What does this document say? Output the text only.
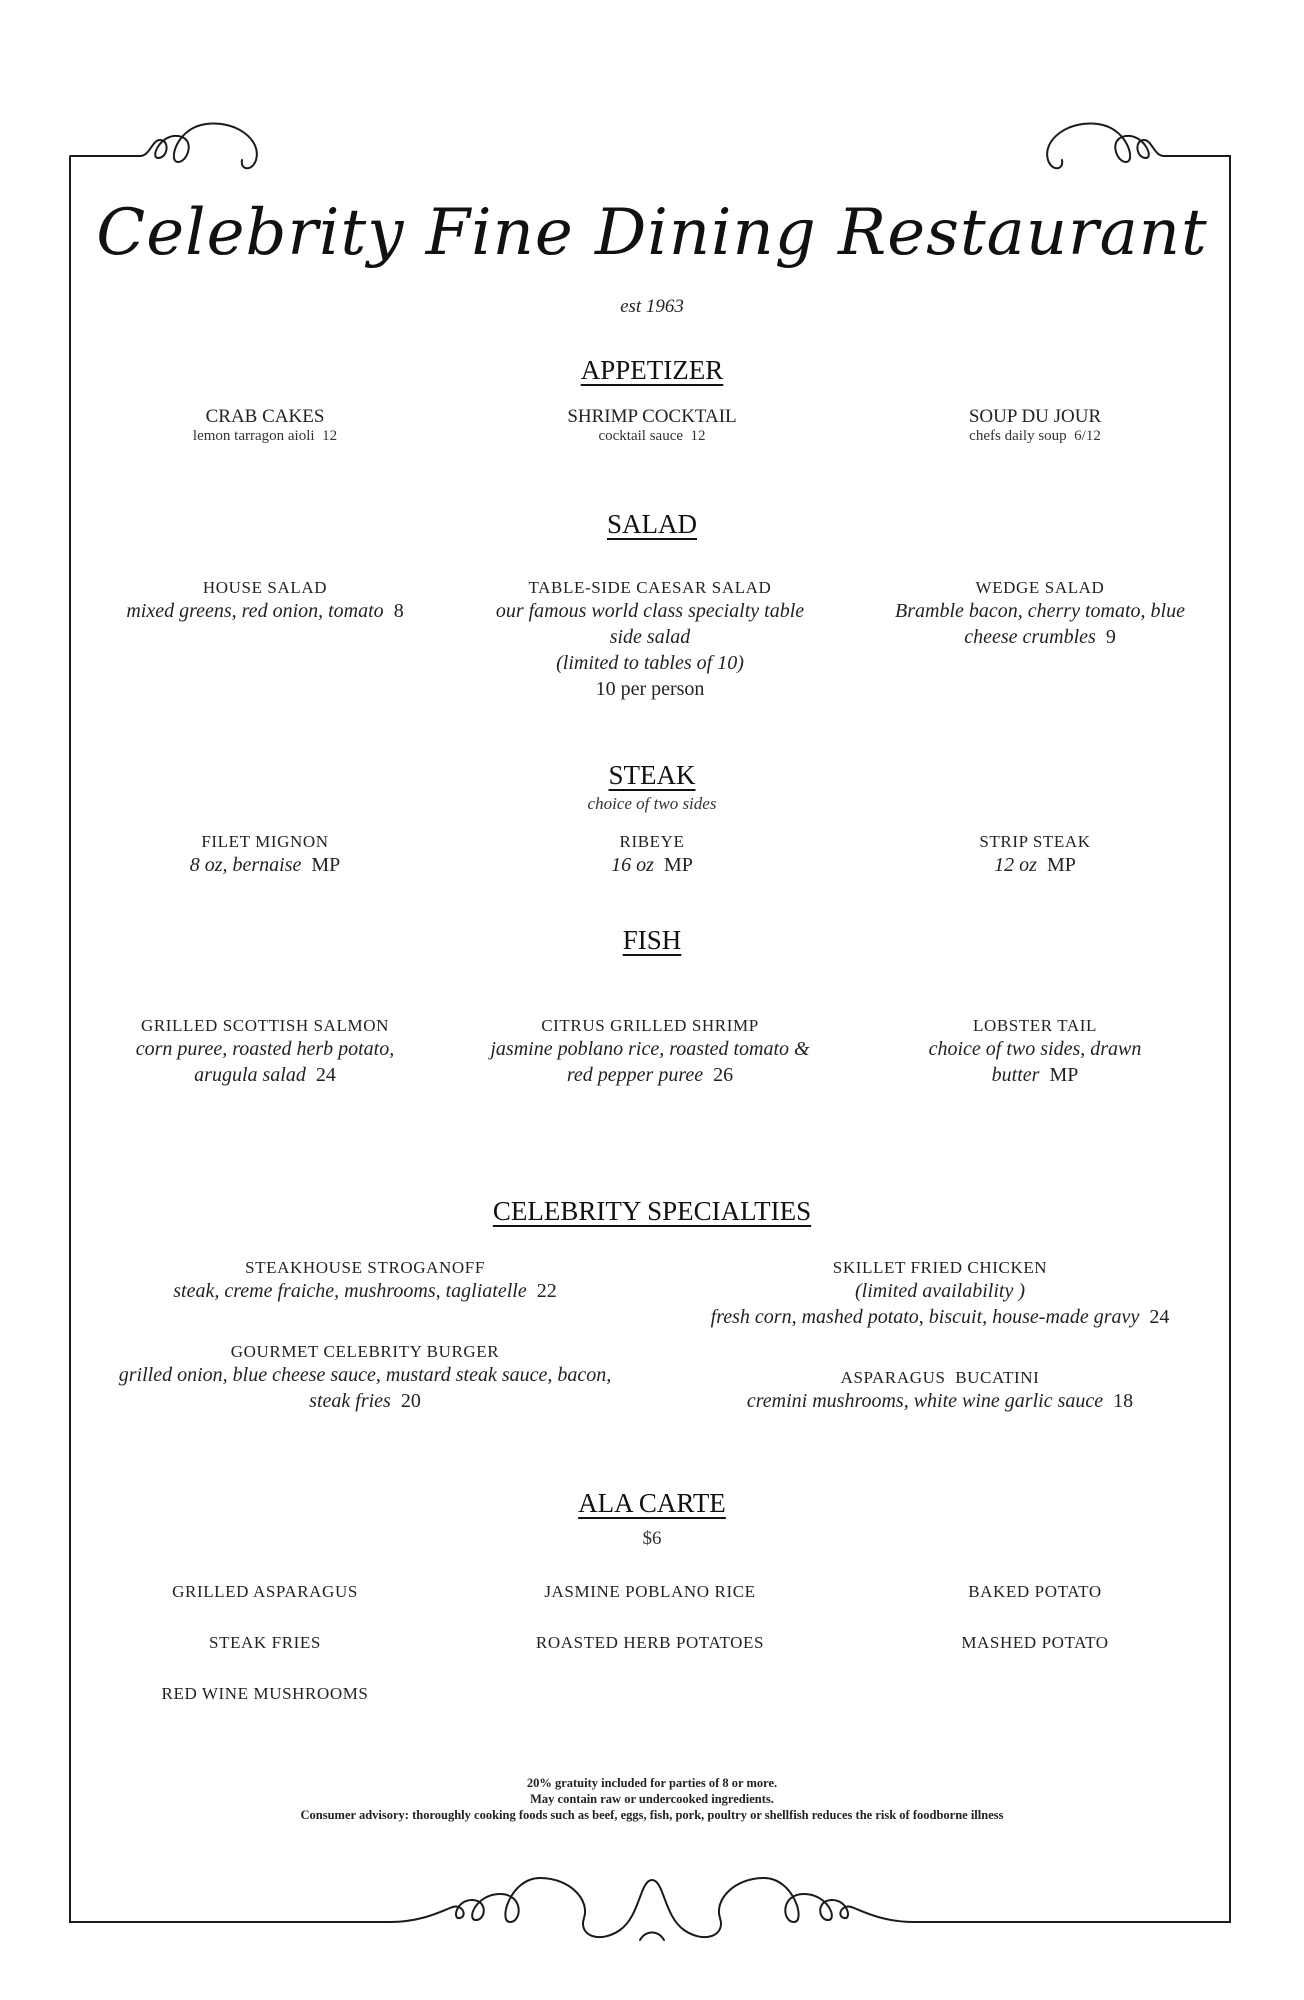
Celebrity Fine Dining Restaurant
est 1963
APPETIZER
CRAB CAKES
lemon tarragon aioli 12
SHRIMP COCKTAIL
cocktail sauce 12
SOUP DU JOUR
chefs daily soup 6/12
SALAD
HOUSE SALAD
mixed greens, red onion, tomato 8
TABLE-SIDE CAESAR SALAD
our famous world class specialty table side salad
(limited to tables of 10)
10 per person
WEDGE SALAD
Bramble bacon, cherry tomato, blue cheese crumbles 9
STEAK
choice of two sides
FILET MIGNON
8 oz, bernaise MP
RIBEYE
16 oz MP
STRIP STEAK
12 oz MP
FISH
GRILLED SCOTTISH SALMON
corn puree, roasted herb potato, arugula salad 24
CITRUS GRILLED SHRIMP
jasmine poblano rice, roasted tomato & red pepper puree 26
LOBSTER TAIL
choice of two sides, drawn butter MP
CELEBRITY SPECIALTIES
STEAKHOUSE STROGANOFF
steak, creme fraiche, mushrooms, tagliatelle 22
SKILLET FRIED CHICKEN
(limited availability )
fresh corn, mashed potato, biscuit, house-made gravy 24
GOURMET CELEBRITY BURGER
grilled onion, blue cheese sauce, mustard steak sauce, bacon, steak fries 20
ASPARAGUS  BUCATINI
cremini mushrooms, white wine garlic sauce 18
ALA CARTE
$6
GRILLED ASPARAGUS	JASMINE POBLANO RICE	BAKED POTATO
STEAK FRIES	ROASTED HERB POTATOES	MASHED POTATO
RED WINE MUSHROOMS
20% gratuity included for parties of 8 or more.
May contain raw or undercooked ingredients.
Consumer advisory: thoroughly cooking foods such as beef, eggs, fish, pork, poultry or shellfish reduces the risk of foodborne illness
